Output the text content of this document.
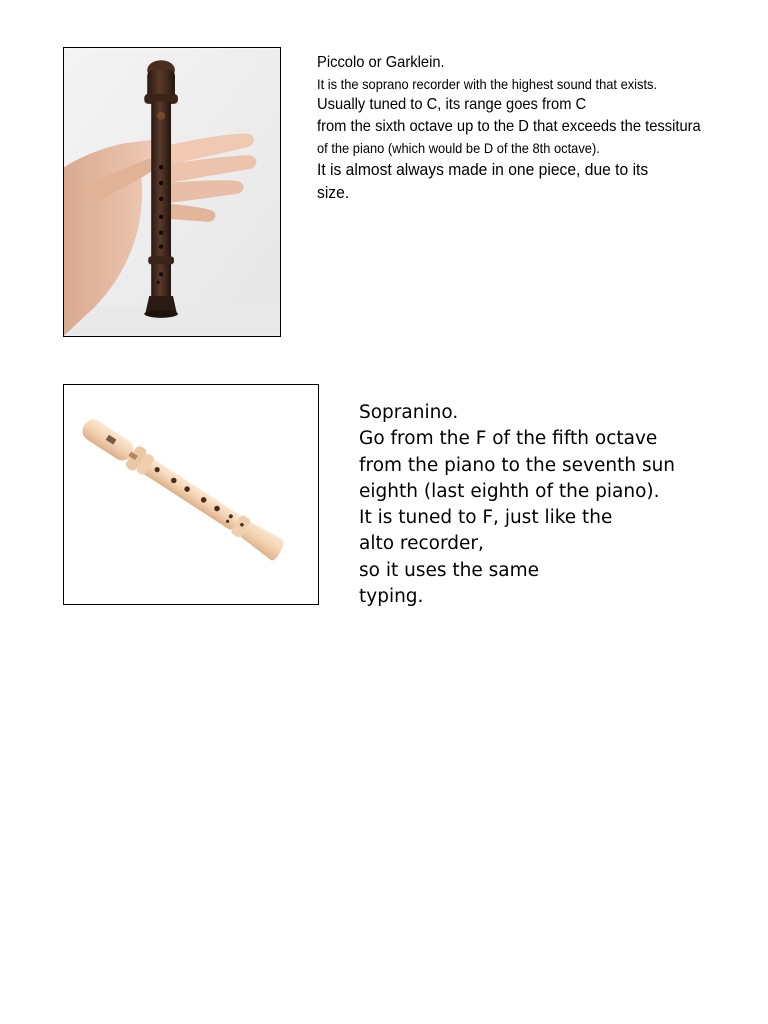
Piccolo or Garklein.
It is the soprano recorder with the highest sound that exists.
Usually tuned to C, its range goes from C
from the sixth octave up to the D that exceeds the tessitura
of the piano (which would be D of the 8th octave).
It is almost always made in one piece, due to its
size.
Sopranino.
Go from the F of the fifth octave
from the piano to the seventh sun
eighth (last eighth of the piano).
It is tuned to F, just like the
alto recorder,
so it uses the same
typing.
